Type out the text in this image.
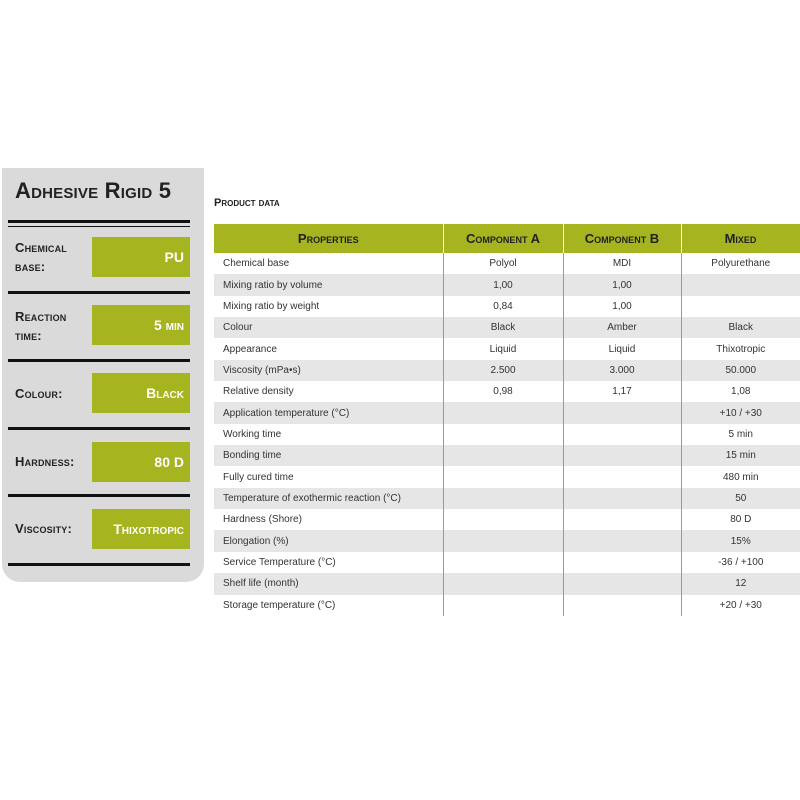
Adhesive Rigid 5
Chemical base:
PU
Reaction time:
5 min
Colour:	Black
Hardness:	80 D
Viscosity:	Thixotropic
Product data
Properties	Component A	Component B	Mixed
Chemical base	Polyol	MDI	Polyurethane
Mixing ratio by volume	1,00	1,00	
Mixing ratio by weight	0,84	1,00	
Colour	Black	Amber	Black
Appearance	Liquid	Liquid	Thixotropic
Viscosity (mPa•s)	2.500	3.000	50.000
Relative density	0,98	1,17	1,08
Application temperature (°C)			+10 / +30
Working time			5 min
Bonding time			15 min
Fully cured time			480 min
Temperature of exothermic reaction (°C)			50
Hardness (Shore)			80 D
Elongation (%)			15%
Service Temperature (°C)			-36 / +100
Shelf life (month)			12
Storage temperature (°C)			+20 / +30
